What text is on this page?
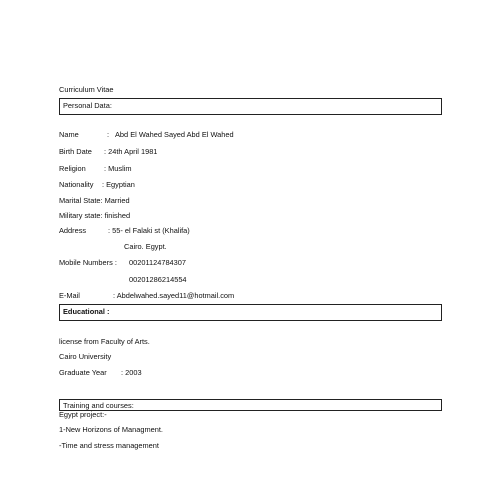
Curriculum Vitae
Personal Data:
Name	: Abd El Wahed Sayed Abd El Wahed
Birth Date : 24th April 1981
Religion : Muslim
Nationality : Egyptian
Marital State: Married
Military state: finished
Address	: 55- el Falaki st (Khalifa)
Cairo. Egypt.
Mobile Numbers : 00201124784307
00201286214554
E-Mail	: Abdelwahed.sayed11@hotmail.com
Educational :
license from Faculty of Arts.
Cairo University
Graduate Year : 2003
Training and courses:
Egypt project:-
1-New Horizons of Managment.
-Time and stress management
